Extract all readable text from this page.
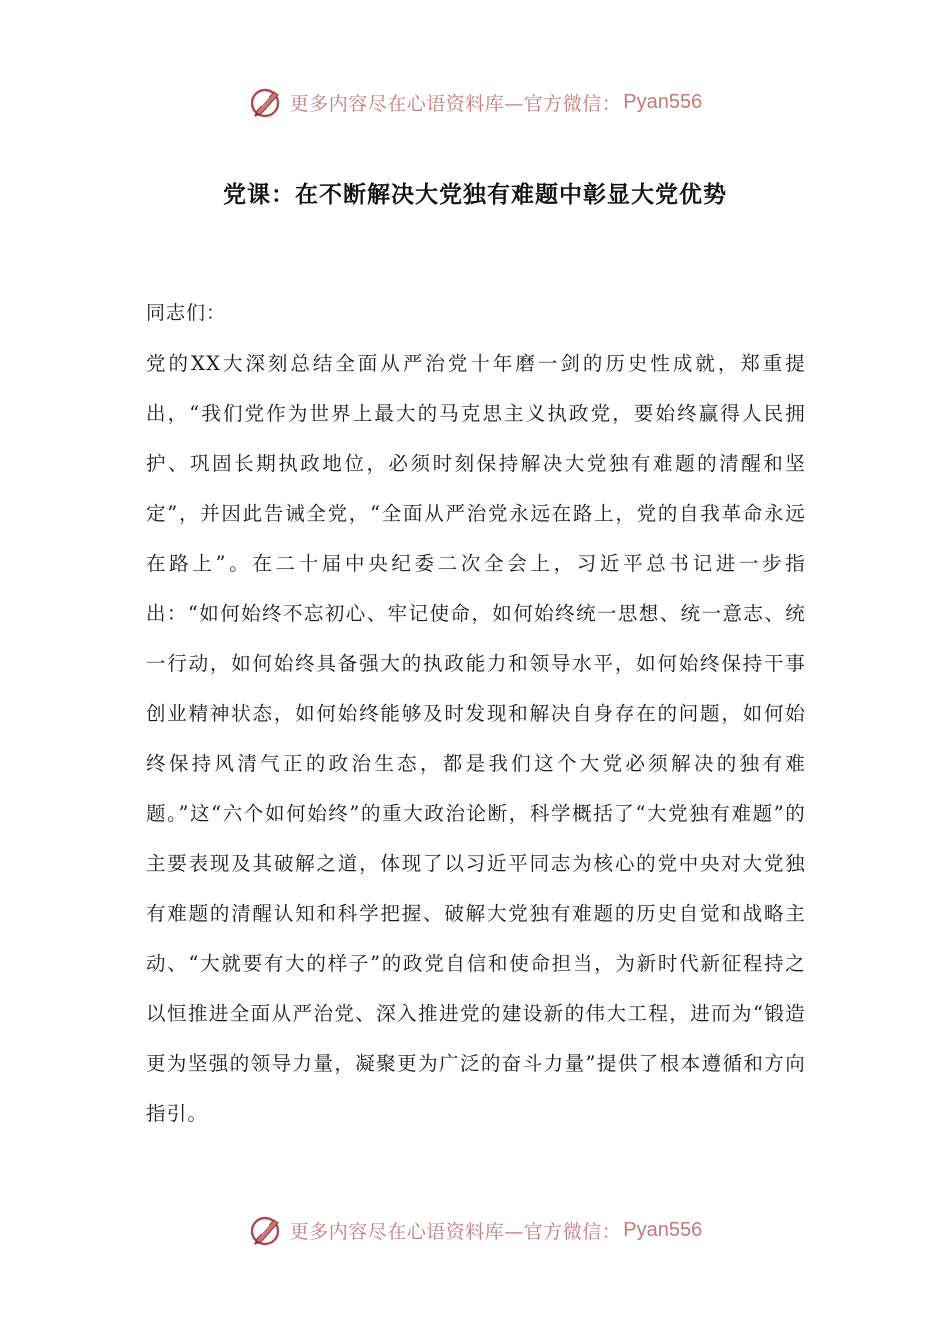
更多内容尽在心语资料库—官方微信： Pyan556
党课：在不断解决大党独有难题中彰显大党优势

同志们：

党的XX大深刻总结全面从严治党十年磨一剑的历史性成就，郑重提出，“我们党作为世界上最大的马克思主义执政党，要始终赢得人民拥护、巩固长期执政地位，必须时刻保持解决大党独有难题的清醒和坚定”，并因此告诫全党，“全面从严治党永远在路上，党的自我革命永远在路上”。在二十届中央纪委二次全会上，习近平总书记进一步指出：“如何始终不忘初心、牢记使命，如何始终统一思想、统一意志、统一行动，如何始终具备强大的执政能力和领导水平，如何始终保持干事创业精神状态，如何始终能够及时发现和解决自身存在的问题，如何始终保持风清气正的政治生态，都是我们这个大党必须解决的独有难题。”这“六个如何始终”的重大政治论断，科学概括了“大党独有难题”的主要表现及其破解之道，体现了以习近平同志为核心的党中央对大党独有难题的清醒认知和科学把握、破解大党独有难题的历史自觉和战略主动、“大就要有大的样子”的政党自信和使命担当，为新时代新征程持之以恒推进全面从严治党、深入推进党的建设新的伟大工程，进而为“锻造更为坚强的领导力量，凝聚更为广泛的奋斗力量”提供了根本遵循和方向指引。

更多内容尽在心语资料库—官方微信： Pyan556
